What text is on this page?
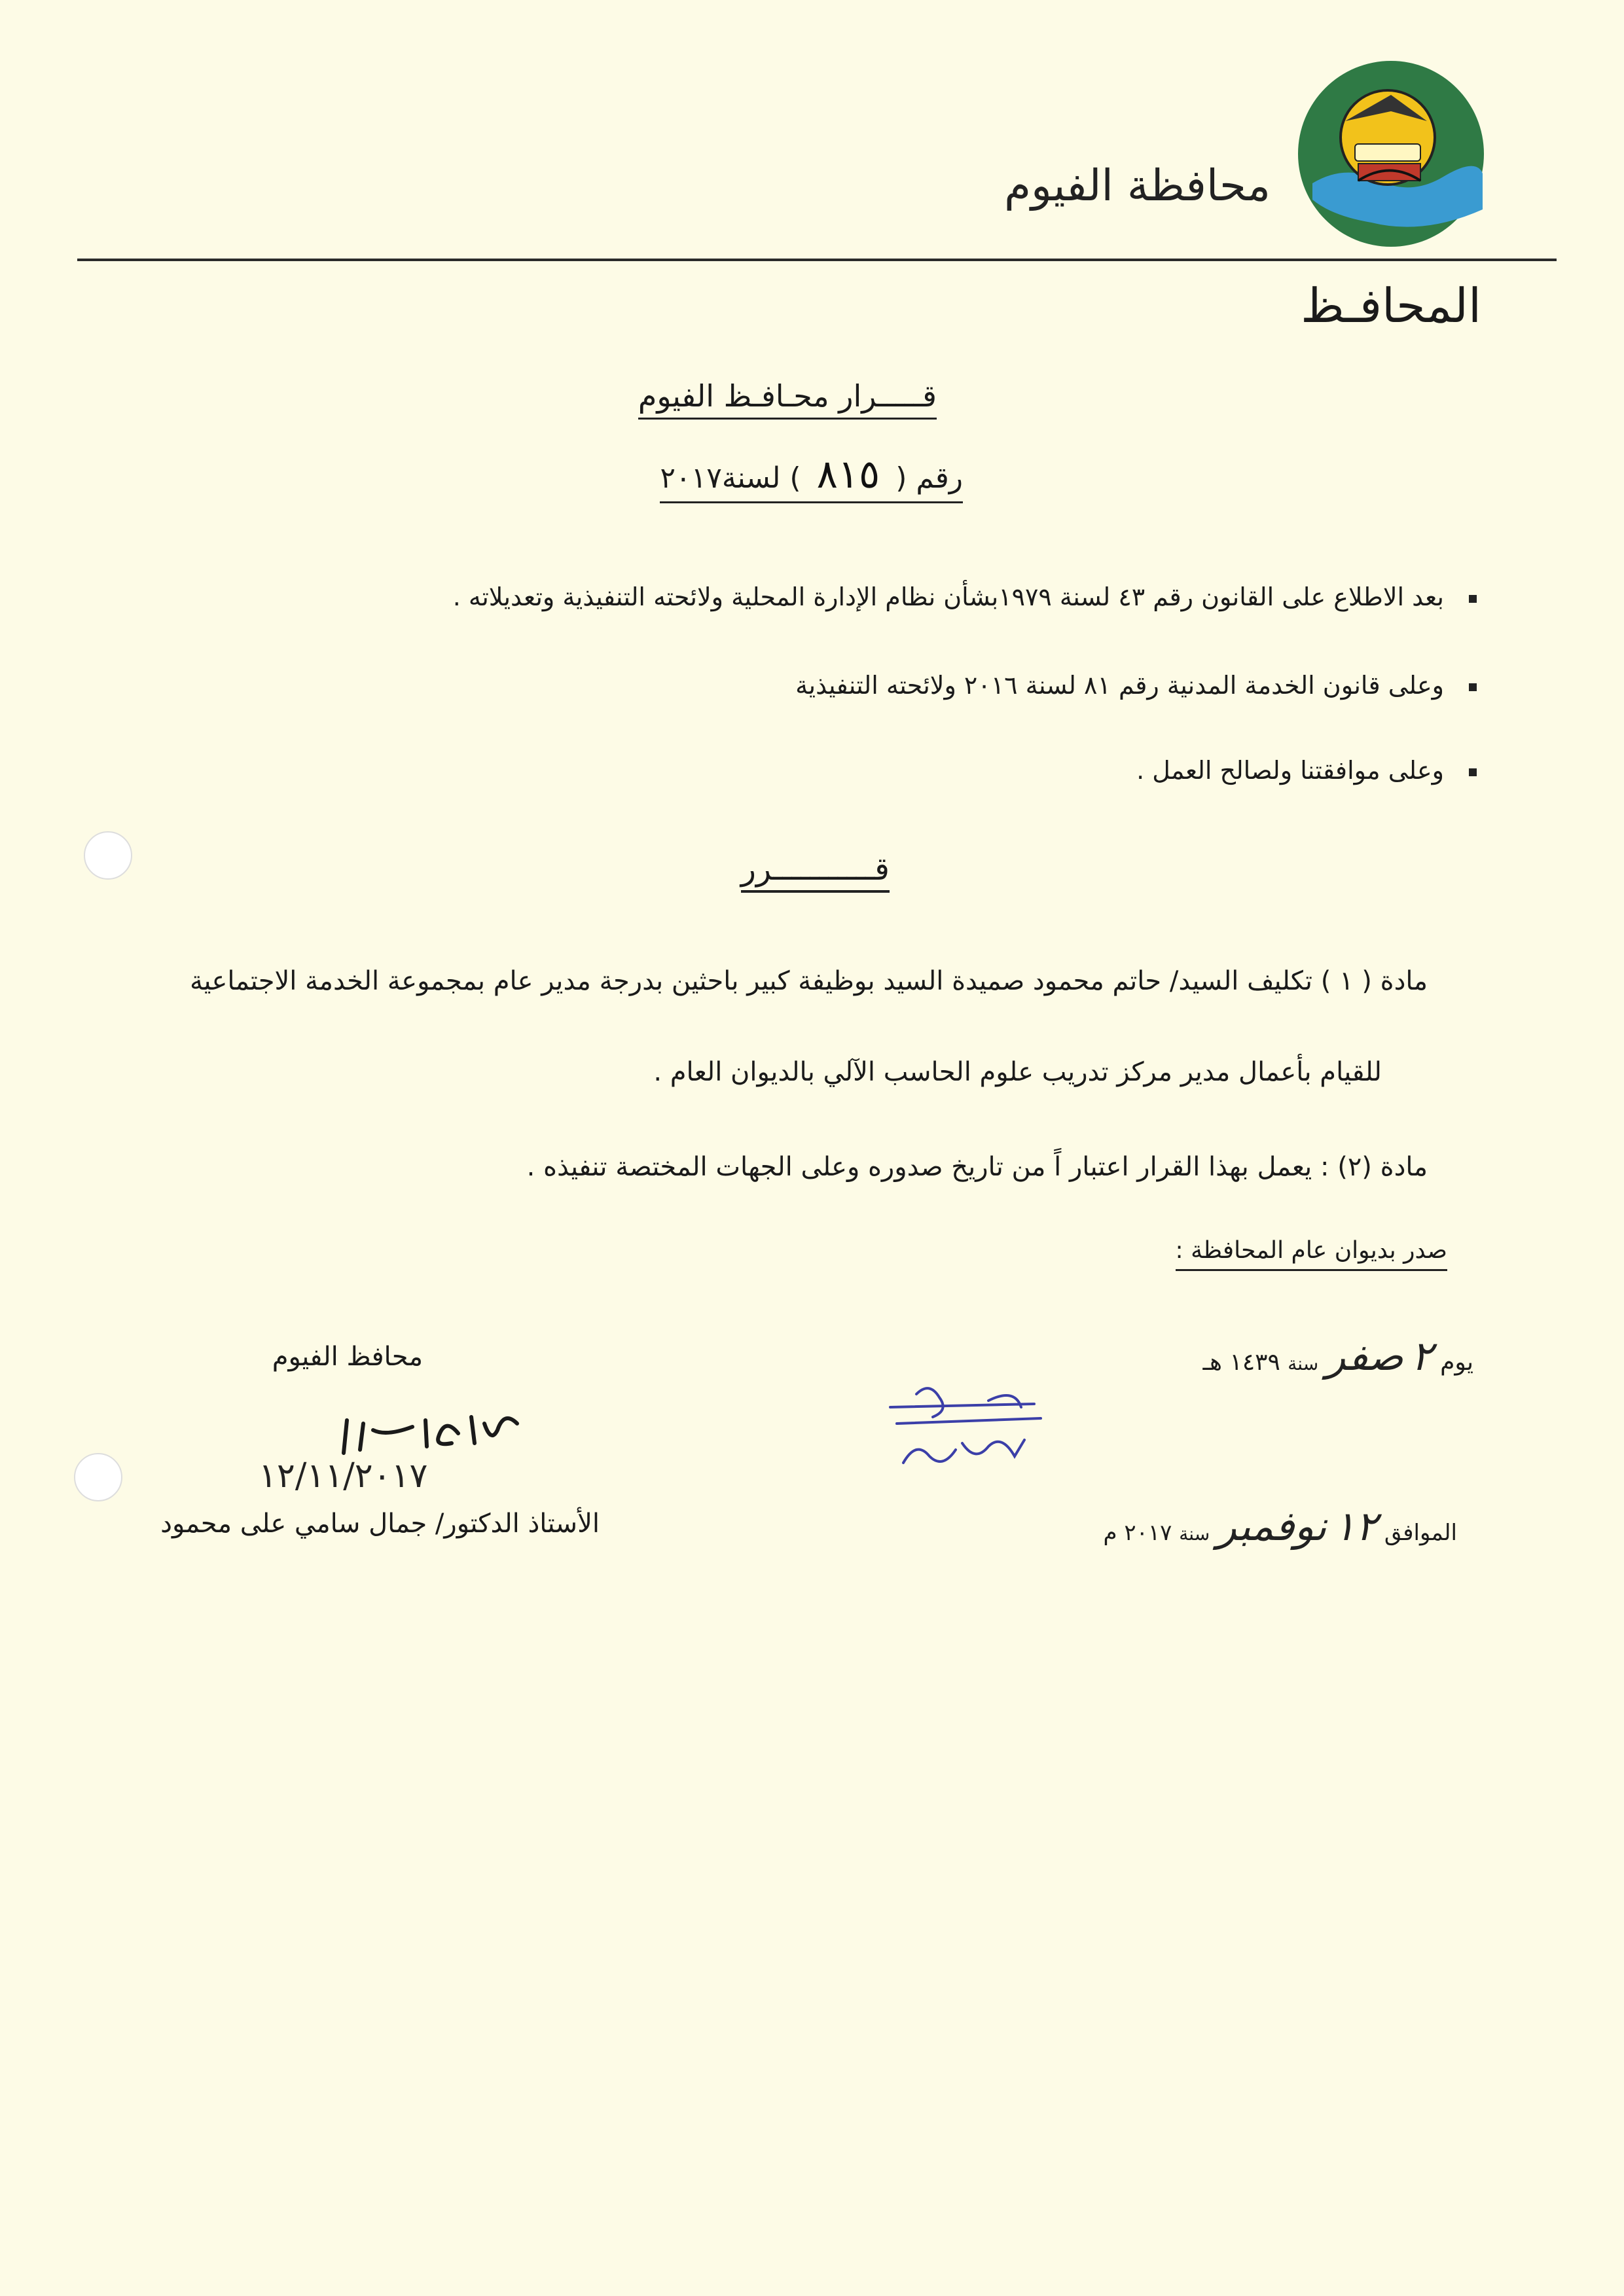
محافظة الفيوم
المحافـظ
قـــــرار محـافـظ الفيوم
رقم ( ٨١٥ ) لسنة٢٠١٧
بعد الاطلاع على القانون رقم ٤٣ لسنة ١٩٧٩بشأن نظام الإدارة المحلية ولائحته التنفيذية وتعديلاته .
وعلى قانون الخدمة المدنية رقم ٨١ لسنة ٢٠١٦ ولائحته التنفيذية
وعلى موافقتنا ولصالح العمل .
قـــــــــــرر
مادة ( ١ ) تكليف السيد/ حاتم محمود صميدة السيد بوظيفة كبير باحثين بدرجة مدير عام بمجموعة الخدمة الاجتماعية
للقيام بأعمال مدير مركز تدريب علوم الحاسب الآلي بالديوان العام .
مادة (٢) : يعمل بهذا القرار اعتبار اً من تاريخ صدوره وعلى الجهات المختصة تنفيذه .
صدر بديوان عام المحافظة :
محافظ الفيوم	يوم ٢ صفر سنة ١٤٣٩ هـ
الموافق ١٢ نوفمبر سنة ٢٠١٧ م
١٢/١١/٢٠١٧
الأستاذ الدكتور/ جمال سامي على محمود
